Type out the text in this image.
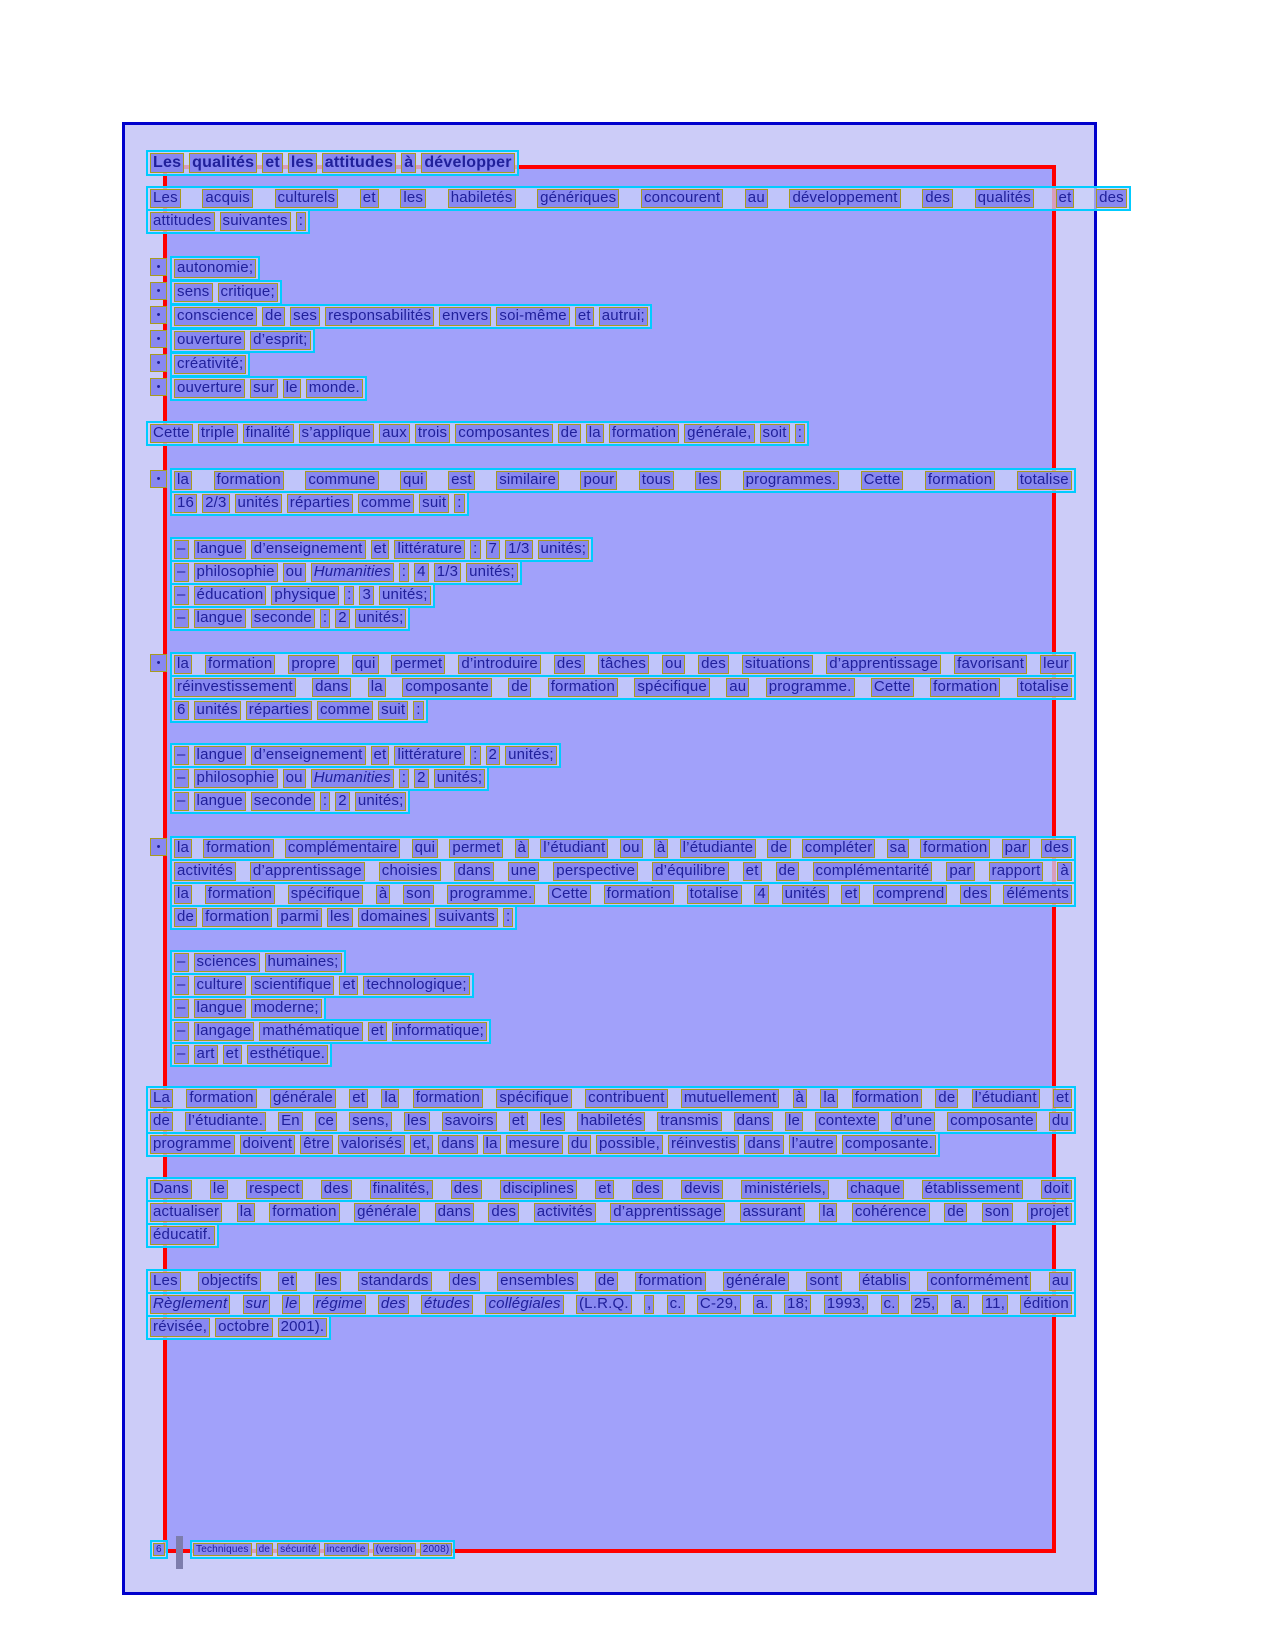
Les qualités et les attitudes à développer
Les acquis culturels et les habiletés génériques concourent au développement des qualités et des
attitudes suivantes :
autonomie;
•
sens critique;
•
conscience de ses responsabilités envers soi-même et autrui;
•
ouverture d’esprit;
•
créativité;
•
ouverture sur le monde.
•
Cette triple finalité s’applique aux trois composantes de la formation générale, soit :
la formation commune qui est similaire pour tous les programmes. Cette formation totalise
•
16 2/3 unités réparties comme suit :
– langue d’enseignement et littérature : 7 1/3 unités;
– philosophie ou Humanities : 4 1/3 unités;
– éducation physique : 3 unités;
– langue seconde : 2 unités;
la formation propre qui permet d’introduire des tâches ou des situations d’apprentissage favorisant leur
•
réinvestissement dans la composante de formation spécifique au programme. Cette formation totalise
6 unités réparties comme suit :
– langue d’enseignement et littérature : 2 unités;
– philosophie ou Humanities : 2 unités;
– langue seconde : 2 unités;
la formation complémentaire qui permet à l’étudiant ou à l’étudiante de compléter sa formation par des
•
activités d’apprentissage choisies dans une perspective d’équilibre et de complémentarité par rapport à
la formation spécifique à son programme. Cette formation totalise 4 unités et comprend des éléments
de formation parmi les domaines suivants :
– sciences humaines;
– culture scientifique et technologique;
– langue moderne;
– langage mathématique et informatique;
– art et esthétique.
La formation générale et la formation spécifique contribuent mutuellement à la formation de l’étudiant et
de l’étudiante. En ce sens, les savoirs et les habiletés transmis dans le contexte d’une composante du
programme doivent être valorisés et, dans la mesure du possible, réinvestis dans l’autre composante.
Dans le respect des finalités, des disciplines et des devis ministériels, chaque établissement doit
actualiser la formation générale dans des activités d’apprentissage assurant la cohérence de son projet
éducatif.
Les objectifs et les standards des ensembles de formation générale sont établis conformément au
Règlement sur le régime des études collégiales (L.R.Q. , c. C-29, a. 18; 1993, c. 25, a. 11, édition
révisée, octobre 2001).
6	Techniques	de	sécurité	incendie	(version	2008)
